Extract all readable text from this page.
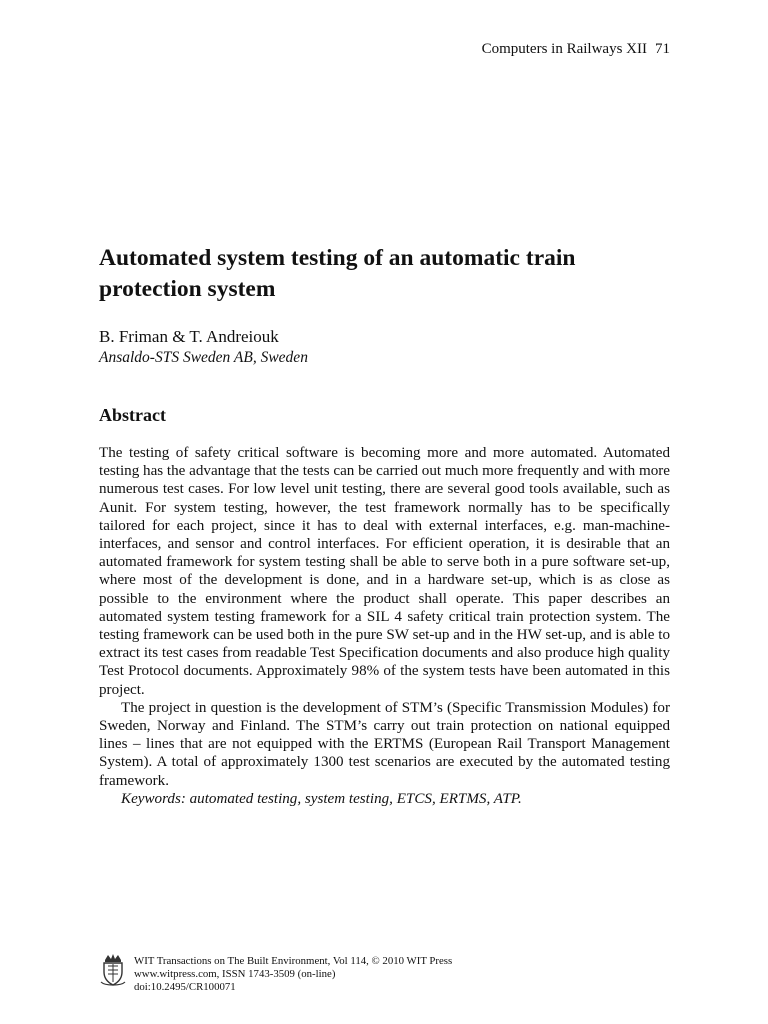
Computers in Railways XII 71
Automated system testing of an automatic train
protection system
B. Friman & T. Andreiouk
Ansaldo-STS Sweden AB, Sweden
Abstract

The testing of safety critical software is becoming more and more automated. Automated testing has the advantage that the tests can be carried out much more frequently and with more numerous test cases. For low level unit testing, there are several good tools available, such as Aunit. For system testing, however, the test framework normally has to be specifically tailored for each project, since it has to deal with external interfaces, e.g. man-machine-interfaces, and sensor and control interfaces. For efficient operation, it is desirable that an automated framework for system testing shall be able to serve both in a pure software set-up, where most of the development is done, and in a hardware set-up, which is as close as possible to the environment where the product shall operate. This paper describes an automated system testing framework for a SIL 4 safety critical train protection system. The testing framework can be used both in the pure SW set-up and in the HW set-up, and is able to extract its test cases from readable Test Specification documents and also produce high quality Test Protocol documents. Approximately 98% of the system tests have been automated in this project.

The project in question is the development of STM’s (Specific Transmission Modules) for Sweden, Norway and Finland. The STM’s carry out train protection on national equipped lines – lines that are not equipped with the ERTMS (European Rail Transport Management System). A total of approximately 1300 test scenarios are executed by the automated testing framework.

Keywords: automated testing, system testing, ETCS, ERTMS, ATP.

WIT Transactions on The Built Environment, Vol 114, © 2010 WIT Press
www.witpress.com, ISSN 1743-3509 (on-line)
doi:10.2495/CR100071
